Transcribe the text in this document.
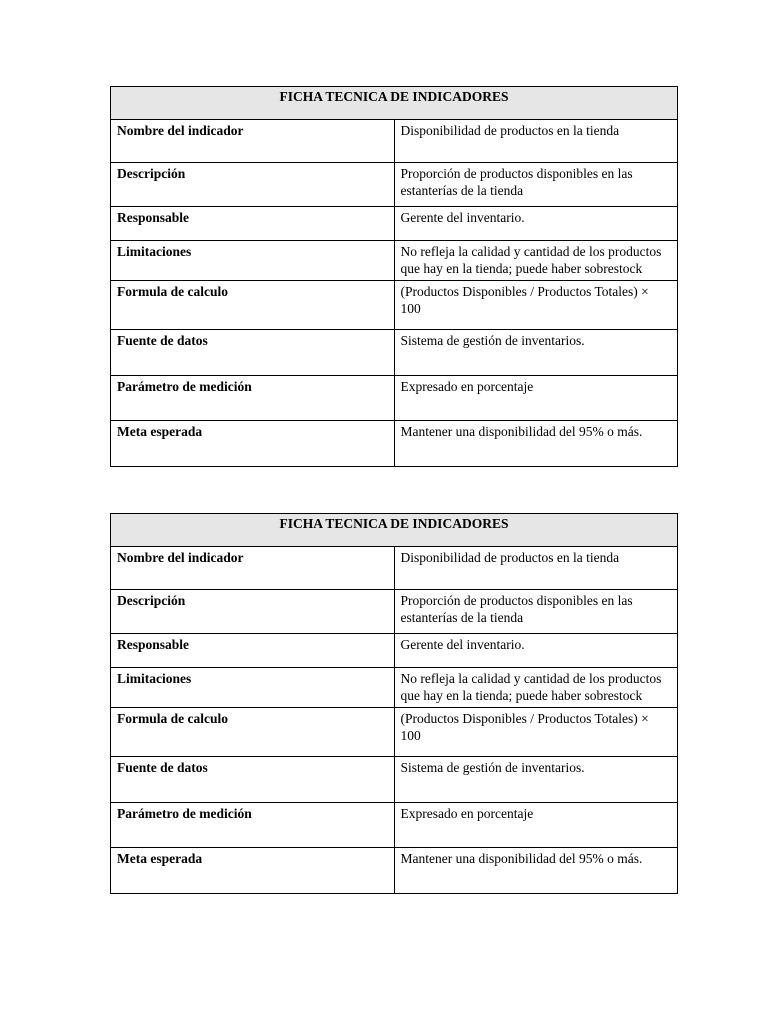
FICHA TECNICA DE INDICADORES	
Nombre del indicador	Disponibilidad de productos en la tienda
Descripción	Proporción de productos disponibles en las estanterías de la tienda
Responsable	Gerente del inventario.
Limitaciones	No refleja la calidad y cantidad de los productos que hay en la tienda; puede haber sobrestock
Formula de calculo	(Productos Disponibles / Productos Totales) × 100
Fuente de datos	Sistema de gestión de inventarios.
Parámetro de medición	Expresado en porcentaje
Meta esperada	Mantener una disponibilidad del 95% o más.
FICHA TECNICA DE INDICADORES	
Nombre del indicador	Disponibilidad de productos en la tienda
Descripción	Proporción de productos disponibles en las estanterías de la tienda
Responsable	Gerente del inventario.
Limitaciones	No refleja la calidad y cantidad de los productos que hay en la tienda; puede haber sobrestock
Formula de calculo	(Productos Disponibles / Productos Totales) × 100
Fuente de datos	Sistema de gestión de inventarios.
Parámetro de medición	Expresado en porcentaje
Meta esperada	Mantener una disponibilidad del 95% o más.
